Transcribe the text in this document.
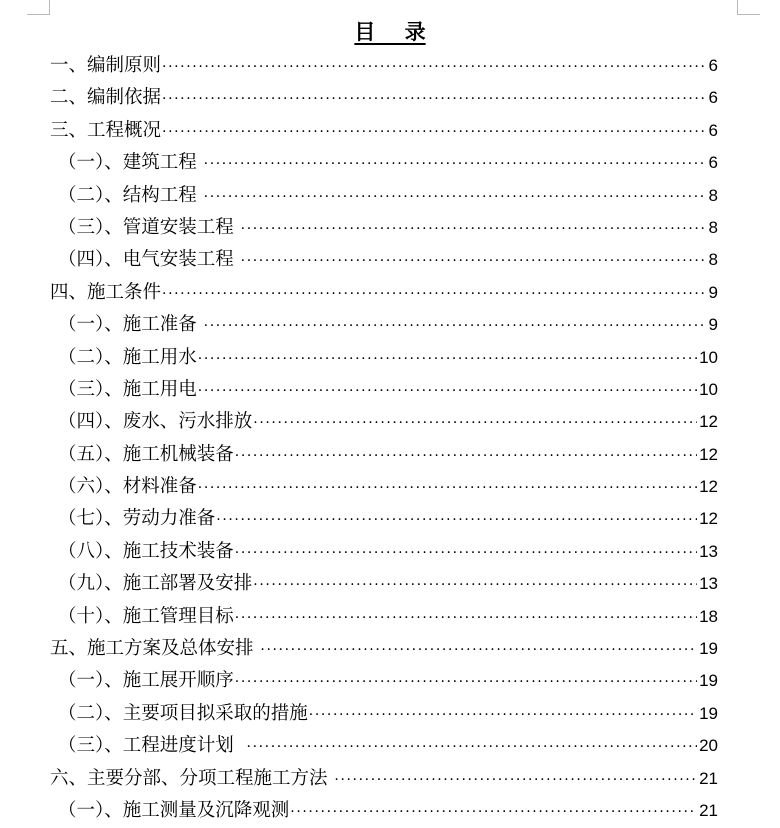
目    录
一、编制原则 ·····	6
二、编制依据 ·····	6
三、工程概况 ·····	6
（一）、建筑工程 ·····	6
（二）、结构工程 ·····	8
（三）、管道安装工程 ·····	8
（四）、电气安装工程 ·····	8
四、施工条件 ·····	9
（一）、施工准备 ·····	9
（二）、施工用水 ·····	10
（三）、施工用电 ·····	10
（四）、废水、污水排放 ·····	12
（五）、施工机械装备 ·····	12
（六）、材料准备 ·····	12
（七）、劳动力准备 ·····	12
（八）、施工技术装备 ·····	13
（九）、施工部署及安排 ·····	13
（十）、施工管理目标 ·····	18
五、施工方案及总体安排 ·····	19
（一）、施工展开顺序 ·····	19
（二）、主要项目拟采取的措施 ·····	19
（三）、工程进度计划 ·····	20
六、主要分部、分项工程施工方法 ·····	21
（一）、施工测量及沉降观测 ·····	21
